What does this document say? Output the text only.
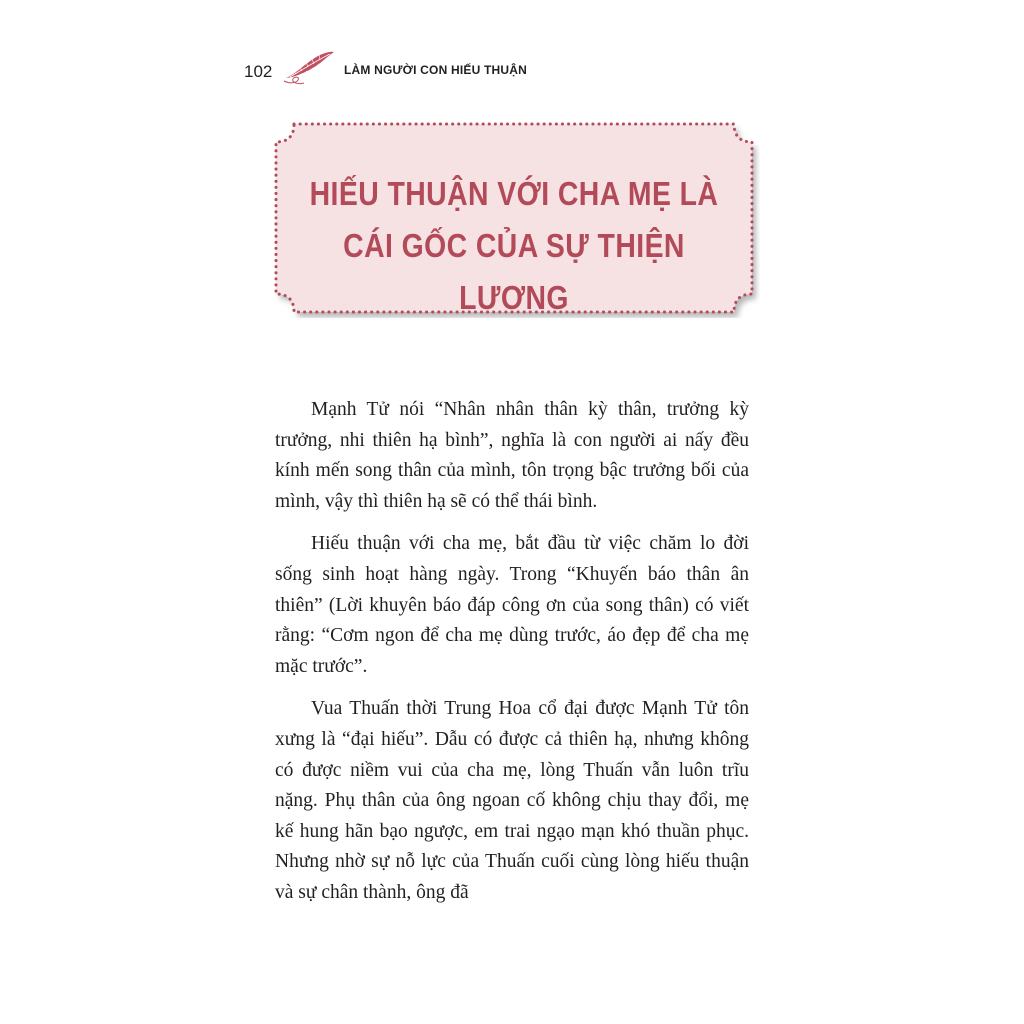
102	LÀM NGƯỜI CON HIẾU THUẬN
HIẾU THUẬN VỚI CHA MẸ LÀ
CÁI GỐC CỦA SỰ THIỆN LƯƠNG

Mạnh Tử nói “Nhân nhân thân kỳ thân, trưởng kỳ trưởng, nhi thiên hạ bình”, nghĩa là con người ai nấy đều kính mến song thân của mình, tôn trọng bậc trưởng bối của mình, vậy thì thiên hạ sẽ có thể thái bình.

Hiếu thuận với cha mẹ, bắt đầu từ việc chăm lo đời sống sinh hoạt hàng ngày. Trong “Khuyến báo thân ân thiên” (Lời khuyên báo đáp công ơn của song thân) có viết rằng: “Cơm ngon để cha mẹ dùng trước, áo đẹp để cha mẹ mặc trước”.

Vua Thuấn thời Trung Hoa cổ đại được Mạnh Tử tôn xưng là “đại hiếu”. Dẫu có được cả thiên hạ, nhưng không có được niềm vui của cha mẹ, lòng Thuấn vẫn luôn trĩu nặng. Phụ thân của ông ngoan cố không chịu thay đổi, mẹ kế hung hãn bạo ngược, em trai ngạo mạn khó thuần phục. Nhưng nhờ sự nỗ lực của Thuấn cuối cùng lòng hiếu thuận và sự chân thành, ông đã
